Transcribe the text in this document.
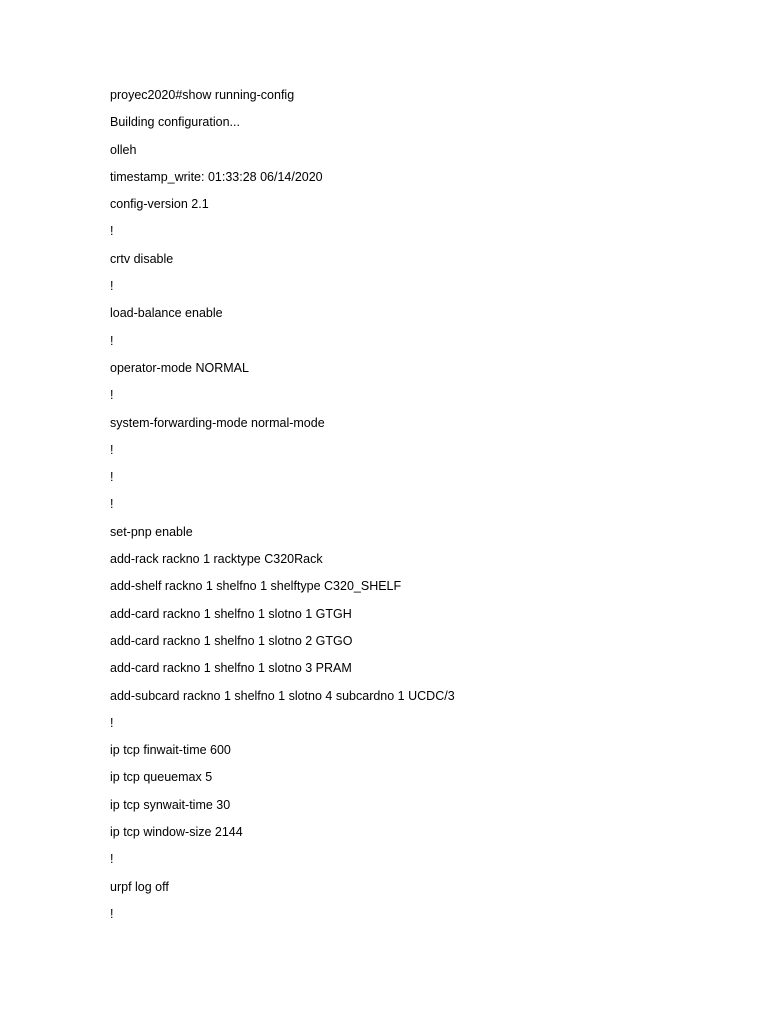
proyec2020#show running-config
Building configuration...
olleh
timestamp_write: 01:33:28 06/14/2020
config-version 2.1
!
crtv disable
!
load-balance enable
!
operator-mode NORMAL
!
system-forwarding-mode normal-mode
!
!
!
set-pnp enable
add-rack rackno 1 racktype C320Rack
add-shelf rackno 1 shelfno 1 shelftype C320_SHELF
add-card rackno 1 shelfno 1 slotno 1 GTGH
add-card rackno 1 shelfno 1 slotno 2 GTGO
add-card rackno 1 shelfno 1 slotno 3 PRAM
add-subcard rackno 1 shelfno 1 slotno 4 subcardno 1 UCDC/3
!
ip tcp finwait-time 600
ip tcp queuemax 5
ip tcp synwait-time 30
ip tcp window-size 2144
!
urpf log off
!
